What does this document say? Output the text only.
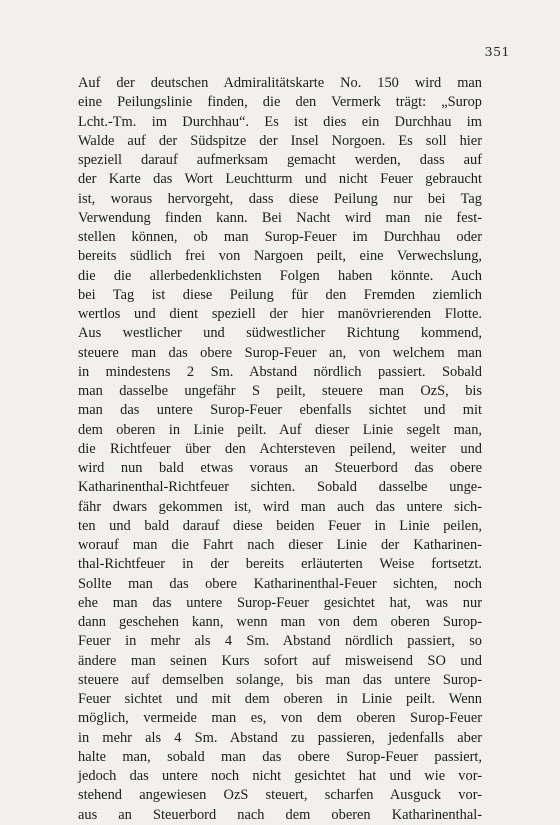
351
Auf der deutschen Admiralitätskarte No. 150 wird man
eine Peilungslinie finden, die den Vermerk trägt: „Surop
Lcht.-Tm. im Durchhau“. Es ist dies ein Durchhau im
Walde auf der Südspitze der Insel Norgoen. Es soll hier
speziell darauf aufmerksam gemacht werden, dass auf
der Karte das Wort Leuchtturm und nicht Feuer gebraucht
ist, woraus hervorgeht, dass diese Peilung nur bei Tag
Verwendung finden kann. Bei Nacht wird man nie fest-
stellen können, ob man Surop-Feuer im Durchhau oder
bereits südlich frei von Nargoen peilt, eine Verwechslung,
die die allerbedenklichsten Folgen haben könnte. Auch
bei Tag ist diese Peilung für den Fremden ziemlich
wertlos und dient speziell der hier manövrierenden Flotte.
Aus westlicher und südwestlicher Richtung kommend,
steuere man das obere Surop-Feuer an, von welchem man
in mindestens 2 Sm. Abstand nördlich passiert. Sobald
man dasselbe ungefähr S peilt, steuere man OzS, bis
man das untere Surop-Feuer ebenfalls sichtet und mit
dem oberen in Linie peilt. Auf dieser Linie segelt man,
die Richtfeuer über den Achtersteven peilend, weiter und
wird nun bald etwas voraus an Steuerbord das obere
Katharinenthal-Richtfeuer sichten. Sobald dasselbe unge-
fähr dwars gekommen ist, wird man auch das untere sich-
ten und bald darauf diese beiden Feuer in Linie peilen,
worauf man die Fahrt nach dieser Linie der Katharinen-
thal-Richtfeuer in der bereits erläuterten Weise fortsetzt.
Sollte man das obere Katharinenthal-Feuer sichten, noch
ehe man das untere Surop-Feuer gesichtet hat, was nur
dann geschehen kann, wenn man von dem oberen Surop-
Feuer in mehr als 4 Sm. Abstand nördlich passiert, so
ändere man seinen Kurs sofort auf misweisend SO und
steuere auf demselben solange, bis man das untere Surop-
Feuer sichtet und mit dem oberen in Linie peilt. Wenn
möglich, vermeide man es, von dem oberen Surop-Feuer
in mehr als 4 Sm. Abstand zu passieren, jedenfalls aber
halte man, sobald man das obere Surop-Feuer passiert,
jedoch das untere noch nicht gesichtet hat und wie vor-
stehend angewiesen OzS steuert, scharfen Ausguck vor-
aus an Steuerbord nach dem oberen Katharinenthal-
